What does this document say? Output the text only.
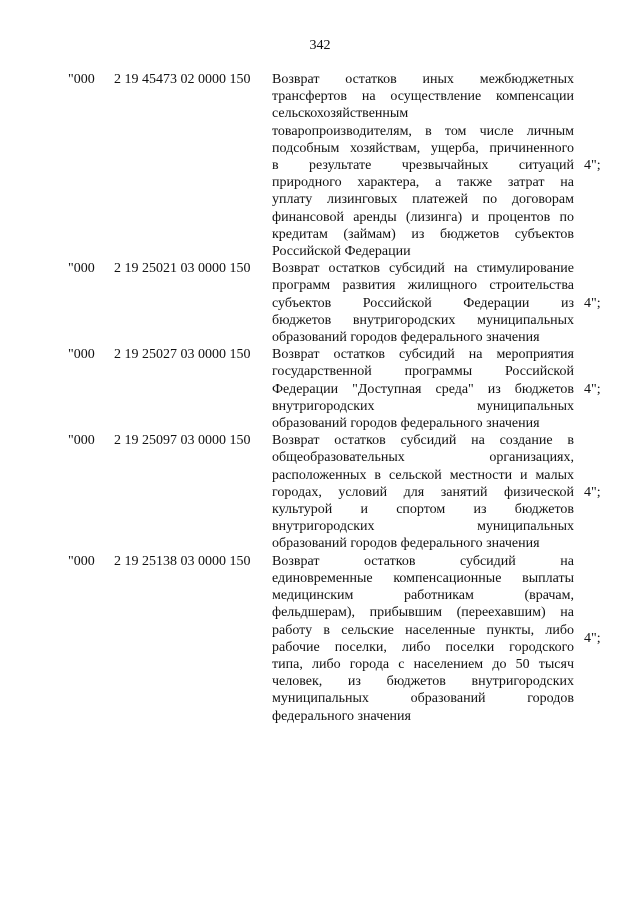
342
"000 2 19 45473 02 0000 150 Возврат остатков иных межбюджетных
трансфертов на осуществление компенсации
сельскохозяйственным
товаропроизводителям, в том числе личным
подсобным хозяйствам, ущерба, причиненного
в результате чрезвычайных ситуаций
природного характера, а также затрат на
уплату лизинговых платежей по договорам
финансовой аренды (лизинга) и процентов по
кредитам (займам) из бюджетов субъектов
Российской Федерации
4";
"000 2 19 25021 03 0000 150 Возврат остатков субсидий на стимулирование
программ развития жилищного строительства
субъектов Российской Федерации из
бюджетов внутригородских муниципальных
образований городов федерального значения
4";
"000 2 19 25027 03 0000 150 Возврат остатков субсидий на мероприятия
государственной программы Российской
Федерации "Доступная среда" из бюджетов
внутригородских муниципальных
образований городов федерального значения
4";
"000 2 19 25097 03 0000 150 Возврат остатков субсидий на создание в
общеобразовательных организациях,
расположенных в сельской местности и малых
городах, условий для занятий физической
культурой и спортом из бюджетов
внутригородских муниципальных
образований городов федерального значения
4";
"000 2 19 25138 03 0000 150 Возврат остатков субсидий на
единовременные компенсационные выплаты
медицинским работникам (врачам,
фельдшерам), прибывшим (переехавшим) на
работу в сельские населенные пункты, либо
рабочие поселки, либо поселки городского
типа, либо города с населением до 50 тысяч
человек, из бюджетов внутригородских
муниципальных образований городов
федерального значения
4";
